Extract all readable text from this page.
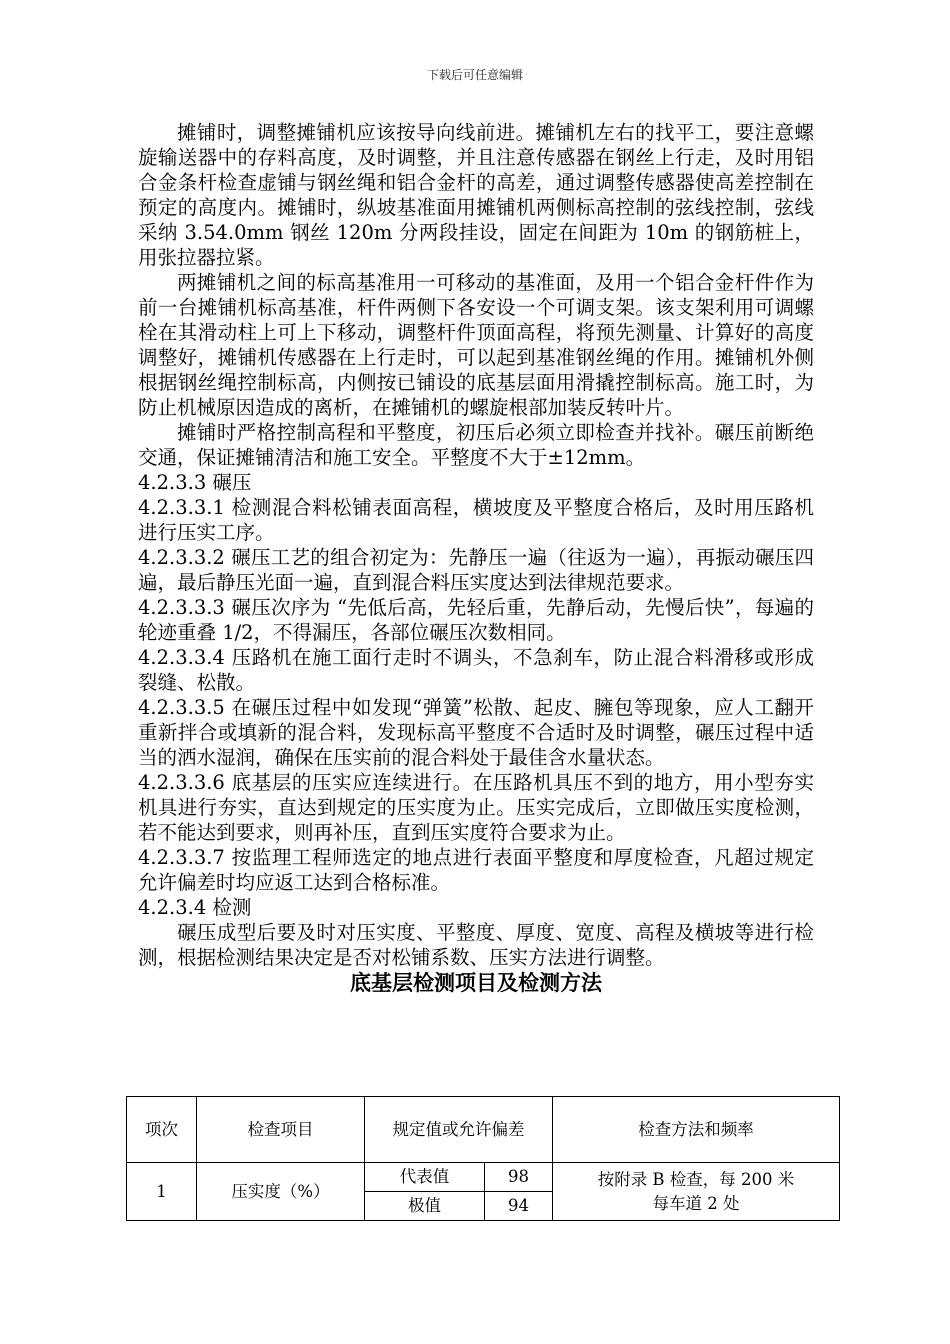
下载后可任意编辑

摊铺时，调整摊铺机应该按导向线前进。摊铺机左右的找平工，要注意螺旋输送器中的存料高度，及时调整，并且注意传感器在钢丝上行走，及时用铝合金条杆检查虚铺与钢丝绳和铝合金杆的高差，通过调整传感器使高差控制在预定的高度内。摊铺时，纵坡基准面用摊铺机两侧标高控制的弦线控制，弦线采纳 3.54.0mm 钢丝 120m 分两段挂设，固定在间距为 10m 的钢筋桩上，用张拉器拉紧。

两摊铺机之间的标高基准用一可移动的基准面，及用一个铝合金杆件作为前一台摊铺机标高基准，杆件两侧下各安设一个可调支架。该支架利用可调螺栓在其滑动柱上可上下移动，调整杆件顶面高程，将预先测量、计算好的高度调整好，摊铺机传感器在上行走时，可以起到基准钢丝绳的作用。摊铺机外侧根据钢丝绳控制标高，内侧按已铺设的底基层面用滑撬控制标高。施工时，为防止机械原因造成的离析，在摊铺机的螺旋根部加装反转叶片。

摊铺时严格控制高程和平整度，初压后必须立即检查并找补。碾压前断绝交通，保证摊铺清洁和施工安全。平整度不大于±12mm。

4.2.3.3 碾压

4.2.3.3.1 检测混合料松铺表面高程，横坡度及平整度合格后，及时用压路机进行压实工序。

4.2.3.3.2 碾压工艺的组合初定为：先静压一遍（往返为一遍），再振动碾压四遍，最后静压光面一遍，直到混合料压实度达到法律规范要求。

4.2.3.3.3 碾压次序为 “先低后高，先轻后重，先静后动，先慢后快”，每遍的轮迹重叠 1/2，不得漏压，各部位碾压次数相同。

4.2.3.3.4 压路机在施工面行走时不调头，不急刹车，防止混合料滑移或形成裂缝、松散。

4.2.3.3.5 在碾压过程中如发现“弹簧”松散、起皮、臃包等现象，应人工翻开重新拌合或填新的混合料，发现标高平整度不合适时及时调整，碾压过程中适当的洒水湿润，确保在压实前的混合料处于最佳含水量状态。

4.2.3.3.6 底基层的压实应连续进行。在压路机具压不到的地方，用小型夯实机具进行夯实，直达到规定的压实度为止。压实完成后，立即做压实度检测，若不能达到要求，则再补压，直到压实度符合要求为止。

4.2.3.3.7 按监理工程师选定的地点进行表面平整度和厚度检查，凡超过规定允许偏差时均应返工达到合格标准。

4.2.3.4 检测

碾压成型后要及时对压实度、平整度、厚度、宽度、高程及横坡等进行检测，根据检测结果决定是否对松铺系数、压实方法进行调整。

底基层检测项目及检测方法
项次	检查项目	规定值或允许偏差		检查方法和频率
1	压实度（%）	代表值	98	按附录 B 检查，每 200 米
每车道 2 处

		极值	94	
